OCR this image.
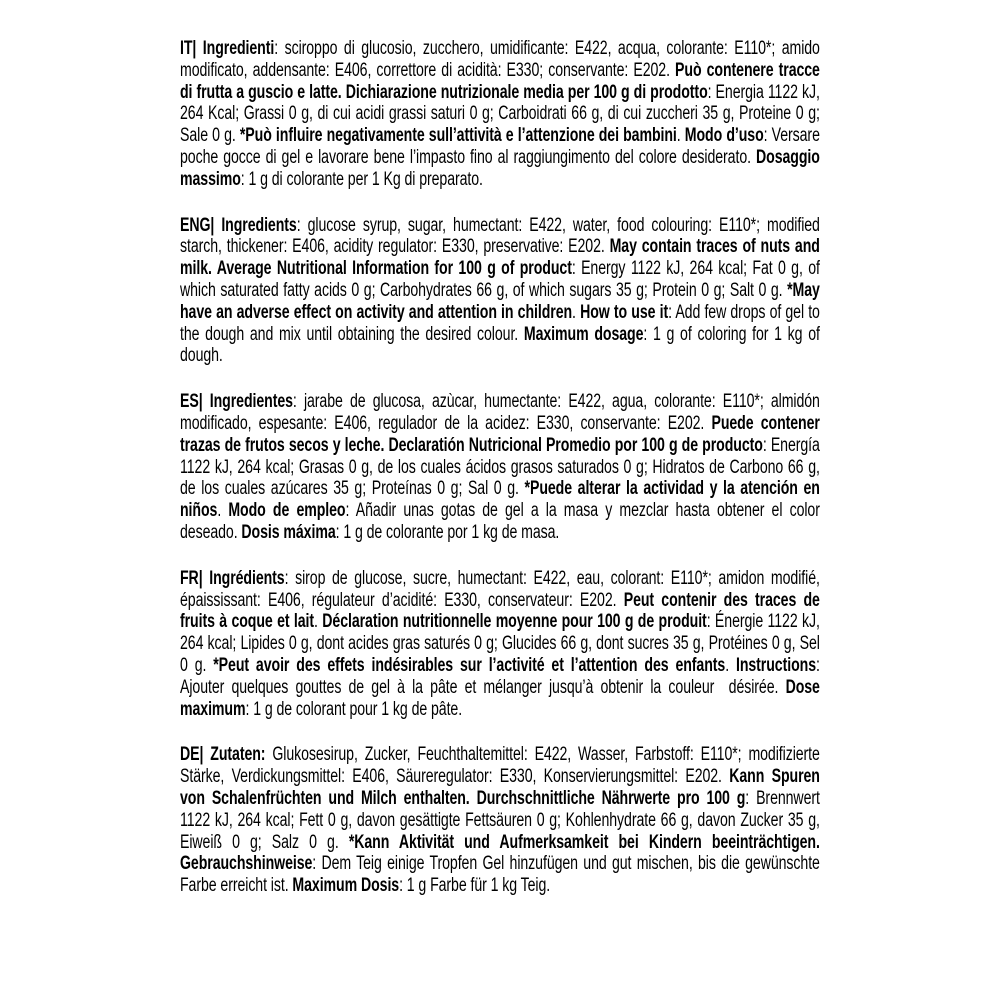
IT| Ingredienti: sciroppo di glucosio, zucchero, umidificante: E422, acqua, colorante: E110*; amido modificato, addensante: E406, correttore di acidità: E330; conservante: E202. Può contenere tracce di frutta a guscio e latte. Dichiarazione nutrizionale media per 100 g di prodotto: Energia 1122 kJ, 264 Kcal; Grassi 0 g, di cui acidi grassi saturi 0 g; Carboidrati 66 g, di cui zuccheri 35 g, Proteine 0 g; Sale 0 g. *Può influire negativamente sull’attività e l’attenzione dei bambini. Modo d’uso: Versare poche gocce di gel e lavorare bene l’impasto fino al raggiungimento del colore desiderato. Dosaggio massimo: 1 g di colorante per 1 Kg di preparato.

ENG| Ingredients: glucose syrup, sugar, humectant: E422, water, food colouring: E110*; modified starch, thickener: E406, acidity regulator: E330, preservative: E202. May contain traces of nuts and milk. Average Nutritional Information for 100 g of product: Energy 1122 kJ, 264 kcal; Fat 0 g, of which saturated fatty acids 0 g; Carbohydrates 66 g, of which sugars 35 g; Protein 0 g; Salt 0 g. *May have an adverse effect on activity and attention in children. How to use it: Add few drops of gel to the dough and mix until obtaining the desired colour. Maximum dosage: 1 g of coloring for 1 kg of dough.

ES| Ingredientes: jarabe de glucosa, azùcar, humectante: E422, agua, colorante: E110*; almidón modificado, espesante: E406, regulador de la acidez: E330, conservante: E202. Puede contener trazas de frutos secos y leche. Declaratión Nutricional Promedio por 100 g de producto: Energía 1122 kJ, 264 kcal; Grasas 0 g, de los cuales ácidos grasos saturados 0 g; Hidratos de Carbono 66 g, de los cuales azúcares 35 g; Proteínas 0 g; Sal 0 g. *Puede alterar la actividad y la atención en niños. Modo de empleo: Añadir unas gotas de gel a la masa y mezclar hasta obtener el color deseado. Dosis máxima: 1 g de colorante por 1 kg de masa.

FR| Ingrédients: sirop de glucose, sucre, humectant: E422, eau, colorant: E110*; amidon modifié, épaississant: E406, régulateur d’acidité: E330, conservateur: E202. Peut contenir des traces de fruits à coque et lait. Déclaration nutritionnelle moyenne pour 100 g de produit: Énergie 1122 kJ, 264 kcal; Lipides 0 g, dont acides gras saturés 0 g; Glucides 66 g, dont sucres 35 g, Protéines 0 g, Sel 0 g. *Peut avoir des effets indésirables sur l’activité et l’attention des enfants. Instructions: Ajouter quelques gouttes de gel à la pâte et mélanger jusqu’à obtenir la couleur  désirée. Dose maximum: 1 g de colorant pour 1 kg de pâte.

DE| Zutaten: Glukosesirup, Zucker, Feuchthaltemittel: E422, Wasser, Farbstoff: E110*; modifizierte Stärke, Verdickungsmittel: E406, Säureregulator: E330, Konservierungsmittel: E202. Kann Spuren von Schalenfrüchten und Milch enthalten. Durchschnittliche Nährwerte pro 100 g: Brennwert 1122 kJ, 264 kcal; Fett 0 g, davon gesättigte Fettsäuren 0 g; Kohlenhydrate 66 g, davon Zucker 35 g, Eiweiß 0 g; Salz 0 g. *Kann Aktivität und Aufmerksamkeit bei Kindern beeinträchtigen. Gebrauchshinweise: Dem Teig einige Tropfen Gel hinzufügen und gut mischen, bis die gewünschte Farbe erreicht ist. Maximum Dosis: 1 g Farbe für 1 kg Teig.
